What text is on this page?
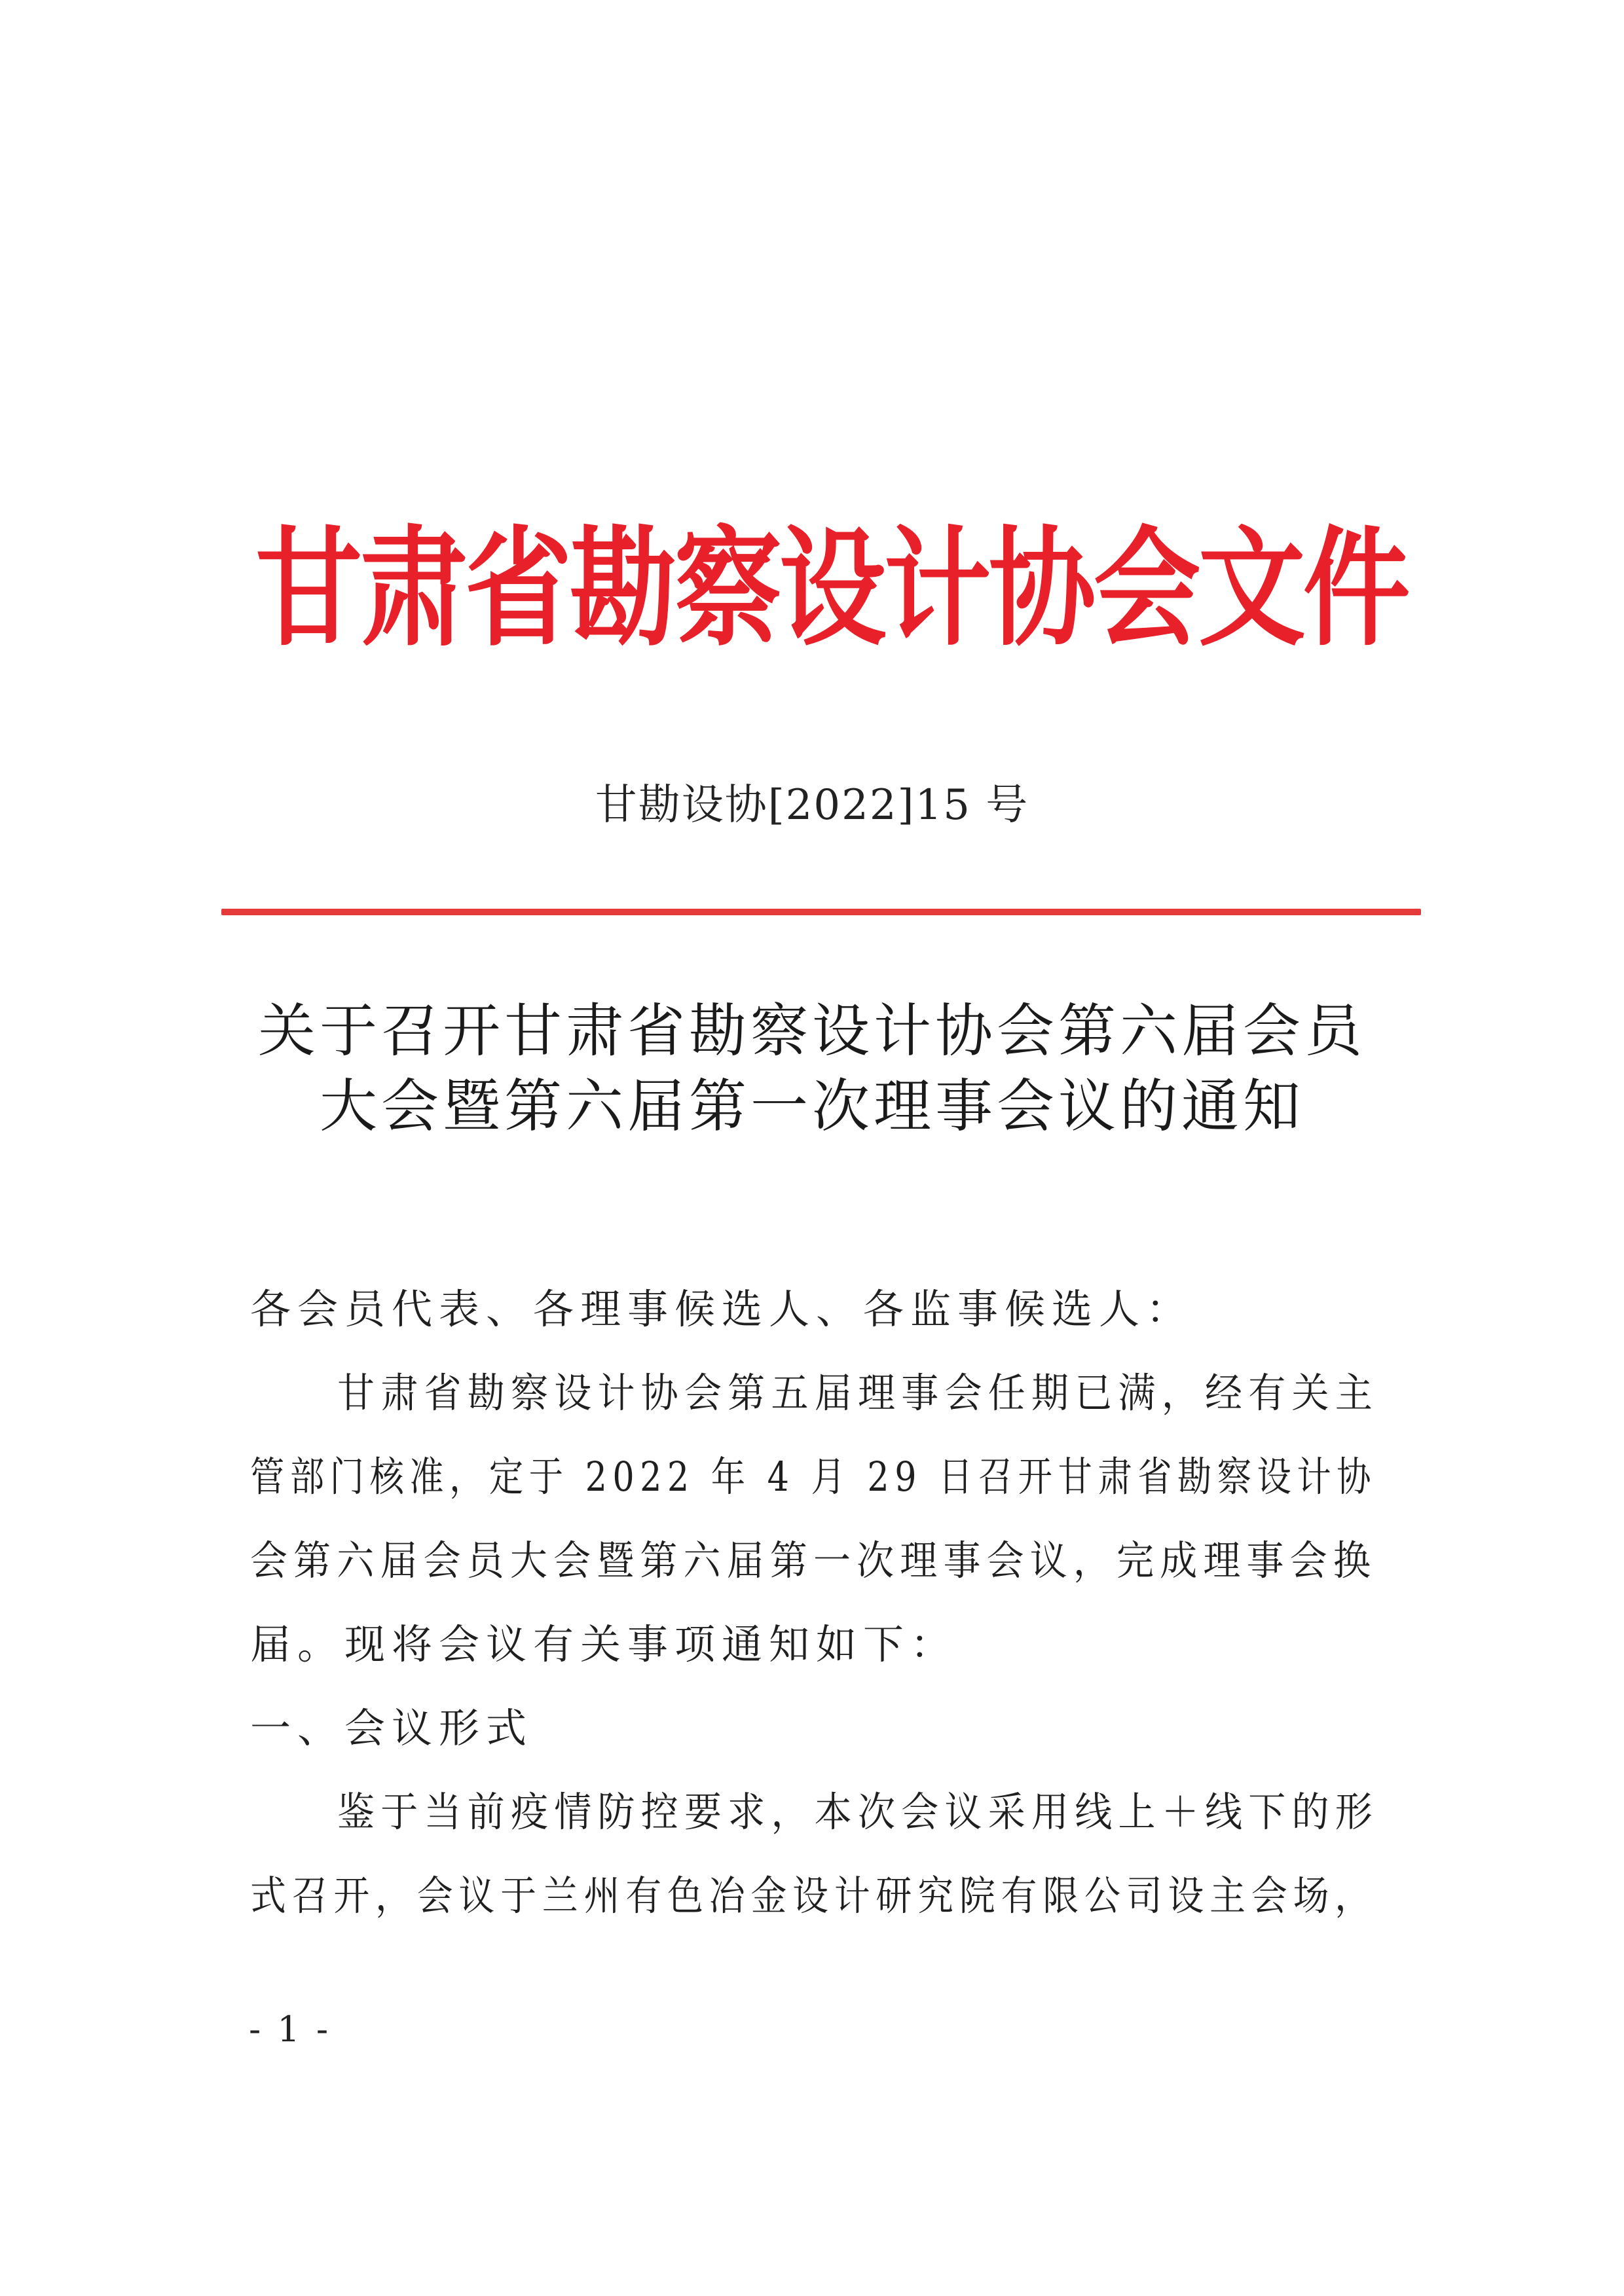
甘肃省勘察设计协会文件
甘勘设协[2022]15 号
关于召开甘肃省勘察设计协会第六届会员
大会暨第六届第一次理事会议的通知
各会员代表、各理事候选人、各监事候选人：
甘肃省勘察设计协会第五届理事会任期已满，经有关主
管部门核准，定于 2022 年 4 月 29 日召开甘肃省勘察设计协
会第六届会员大会暨第六届第一次理事会议，完成理事会换
届。现将会议有关事项通知如下：
一、会议形式
鉴于当前疫情防控要求，本次会议采用线上＋线下的形
式召开，会议于兰州有色冶金设计研究院有限公司设主会场，
- 1 -
